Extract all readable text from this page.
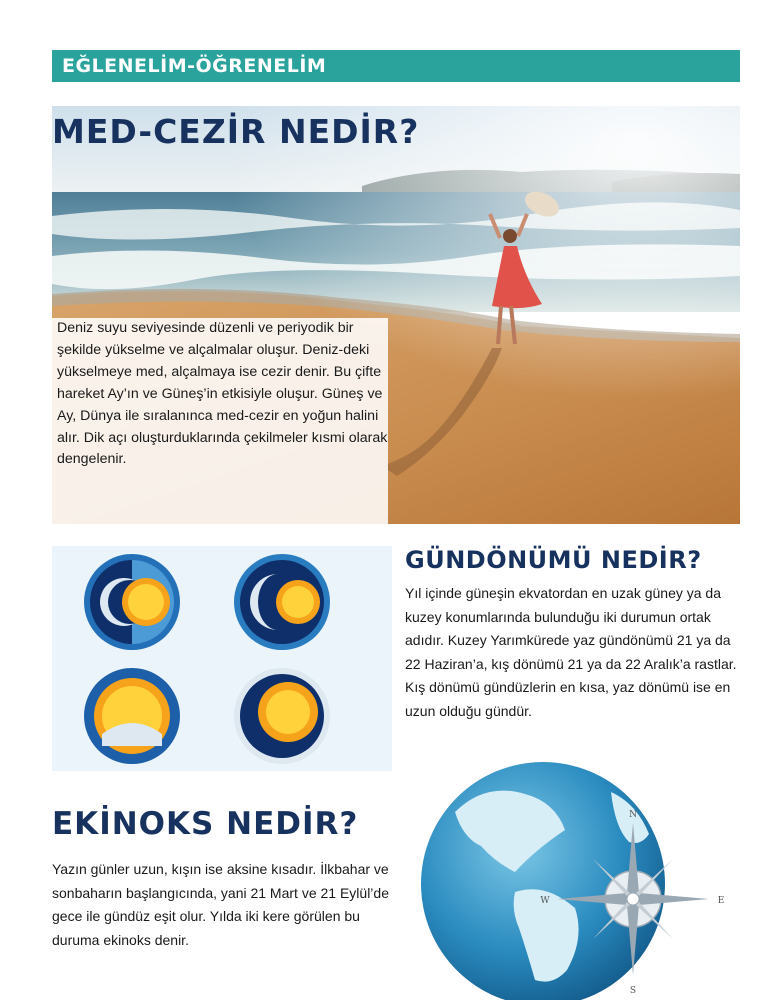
EĞLENELİM-ÖĞRENELİM
MED-CEZİR NEDİR?

Deniz suyu seviyesinde düzenli ve periyodik bir şekilde yükselme ve alçalmalar oluşur. Deniz-deki yükselmeye med, alçalmaya ise cezir denir. Bu çifte hareket Ay’ın ve Güneş’in etkisiyle oluşur. Güneş ve Ay, Dünya ile sıralanınca med-cezir en yoğun halini alır. Dik açı oluşturduklarında çekilmeler kısmi olarak dengelenir.

GÜNDÖNÜMÜ NEDİR?

Yıl içinde güneşin ekvatordan en uzak güney ya da kuzey konumlarında bulunduğu iki durumun ortak adıdır. Kuzey Yarımkürede yaz gündönümü 21 ya da 22 Haziran’a, kış dönümü 21 ya da 22 Aralık’a rastlar. Kış dönümü gündüzlerin en kısa, yaz dönümü ise en uzun olduğu gündür.

EKİNOKS NEDİR?

Yazın günler uzun, kışın ise aksine kısadır. İlkbahar ve sonbaharın başlangıcında, yani 21 Mart ve 21 Eylül’de gece ile gündüz eşit olur. Yılda iki kere görülen bu duruma ekinoks denir.

N
S
E
W
